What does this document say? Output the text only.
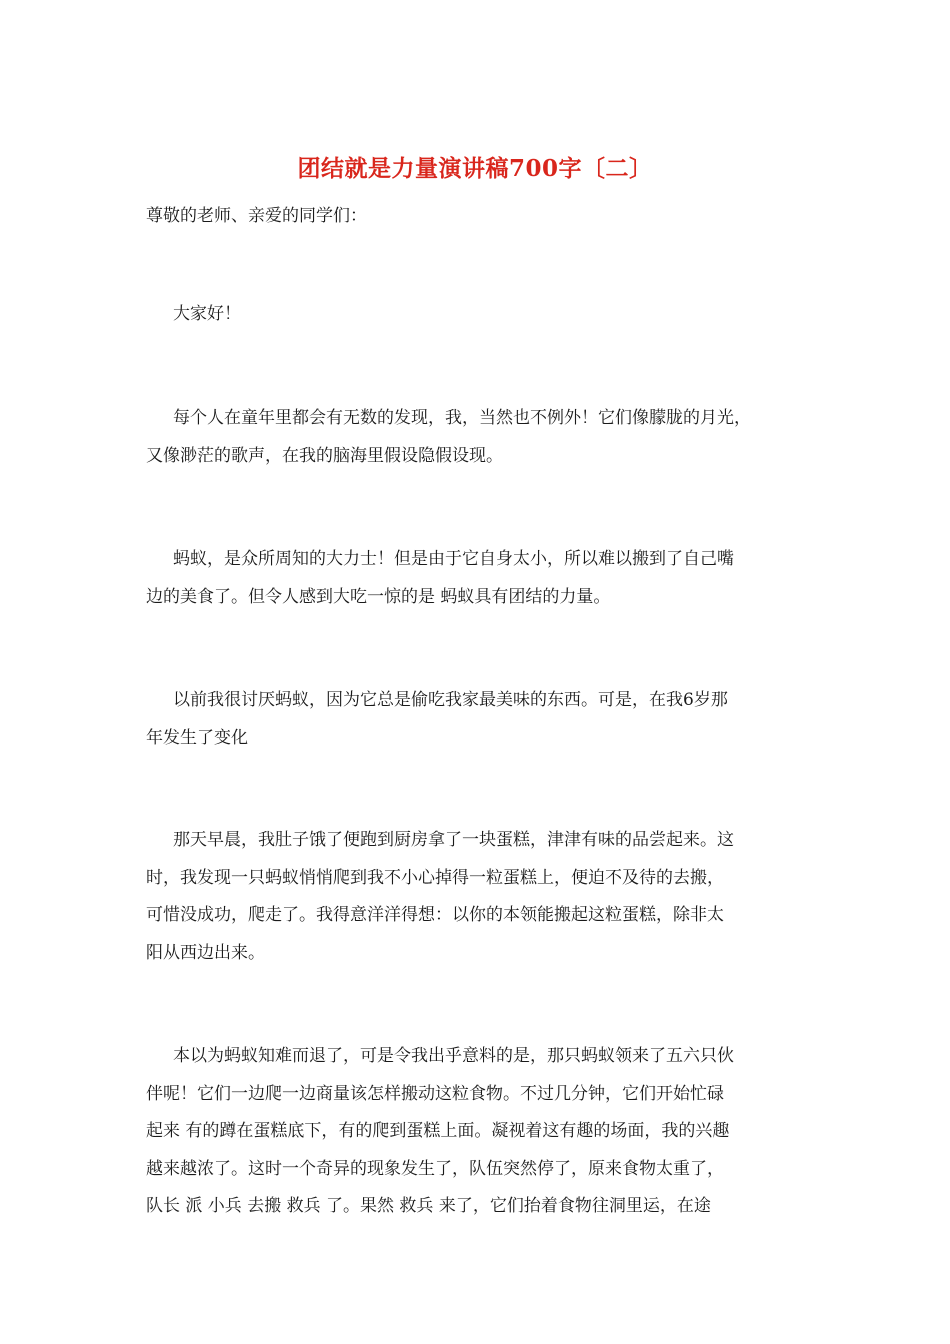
团结就是力量演讲稿700字〔二〕
尊敬的老师、亲爱的同学们：
大家好！
每个人在童年里都会有无数的发现，我，当然也不例外！它们像朦胧的月光，
又像渺茫的歌声，在我的脑海里假设隐假设现。
蚂蚁，是众所周知的大力士！但是由于它自身太小，所以难以搬到了自己嘴
边的美食了。但令人感到大吃一惊的是 蚂蚁具有团结的力量。
以前我很讨厌蚂蚁，因为它总是偷吃我家最美味的东西。可是，在我6岁那
年发生了变化
那天早晨，我肚子饿了便跑到厨房拿了一块蛋糕，津津有味的品尝起来。这
时，我发现一只蚂蚁悄悄爬到我不小心掉得一粒蛋糕上，便迫不及待的去搬，
可惜没成功，爬走了。我得意洋洋得想：以你的本领能搬起这粒蛋糕，除非太
阳从西边出来。
本以为蚂蚁知难而退了，可是令我出乎意料的是，那只蚂蚁领来了五六只伙
伴呢！它们一边爬一边商量该怎样搬动这粒食物。不过几分钟，它们开始忙碌
起来 有的蹲在蛋糕底下，有的爬到蛋糕上面。凝视着这有趣的场面，我的兴趣
越来越浓了。这时一个奇异的现象发生了，队伍突然停了，原来食物太重了，
队长 派 小兵 去搬 救兵 了。果然 救兵 来了，它们抬着食物往洞里运，在途
